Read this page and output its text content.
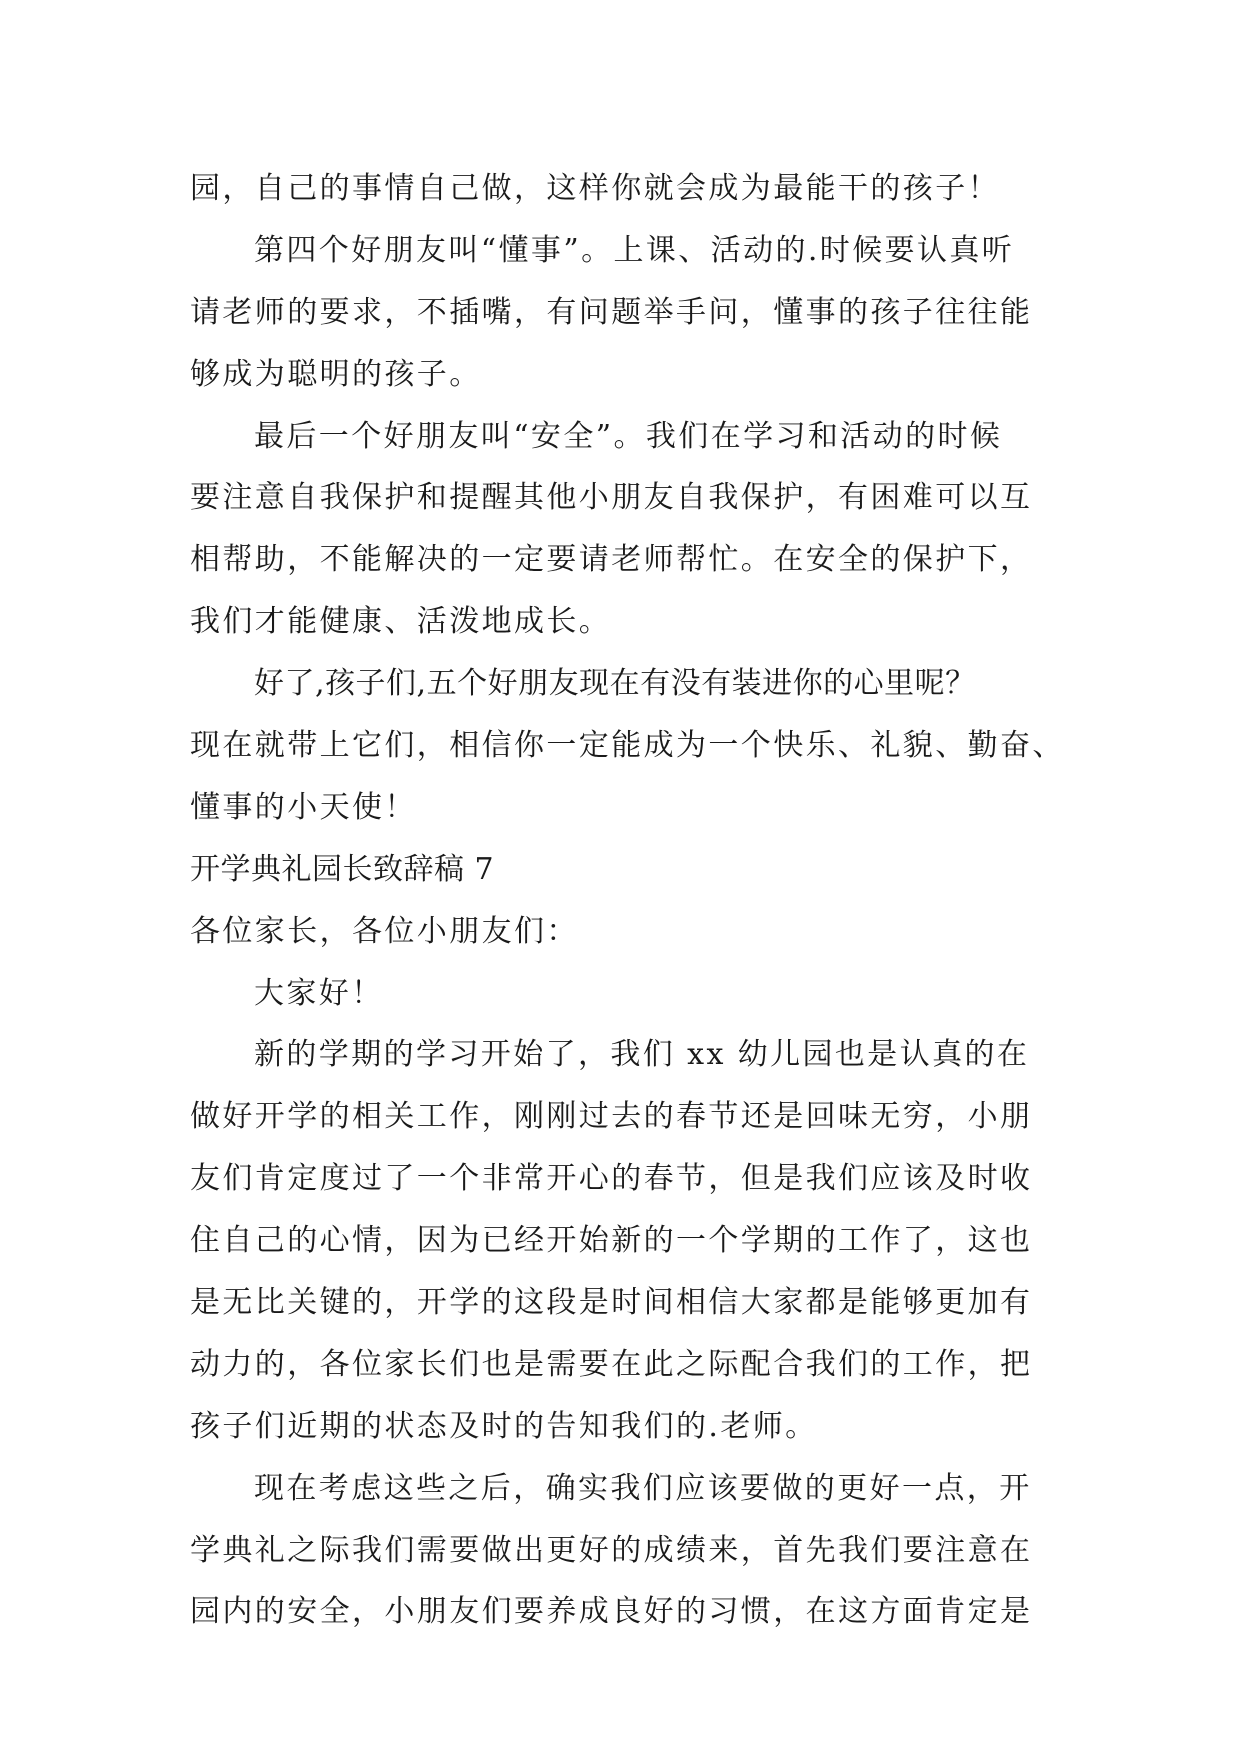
园，自己的事情自己做，这样你就会成为最能干的孩子！
第四个好朋友叫“懂事”。上课、活动的.时候要认真听
请老师的要求，不插嘴，有问题举手问，懂事的孩子往往能
够成为聪明的孩子。
最后一个好朋友叫“安全”。我们在学习和活动的时候
要注意自我保护和提醒其他小朋友自我保护，有困难可以互
相帮助，不能解决的一定要请老师帮忙。在安全的保护下，
我们才能健康、活泼地成长。
好了,孩子们,五个好朋友现在有没有装进你的心里呢？
现在就带上它们，相信你一定能成为一个快乐、礼貌、勤奋、
懂事的小天使！
开学典礼园长致辞稿 7
各位家长，各位小朋友们：
大家好！
新的学期的学习开始了，我们 xx 幼儿园也是认真的在
做好开学的相关工作，刚刚过去的春节还是回味无穷，小朋
友们肯定度过了一个非常开心的春节，但是我们应该及时收
住自己的心情，因为已经开始新的一个学期的工作了，这也
是无比关键的，开学的这段是时间相信大家都是能够更加有
动力的，各位家长们也是需要在此之际配合我们的工作，把
孩子们近期的状态及时的告知我们的.老师。
现在考虑这些之后，确实我们应该要做的更好一点，开
学典礼之际我们需要做出更好的成绩来，首先我们要注意在
园内的安全，小朋友们要养成良好的习惯，在这方面肯定是
